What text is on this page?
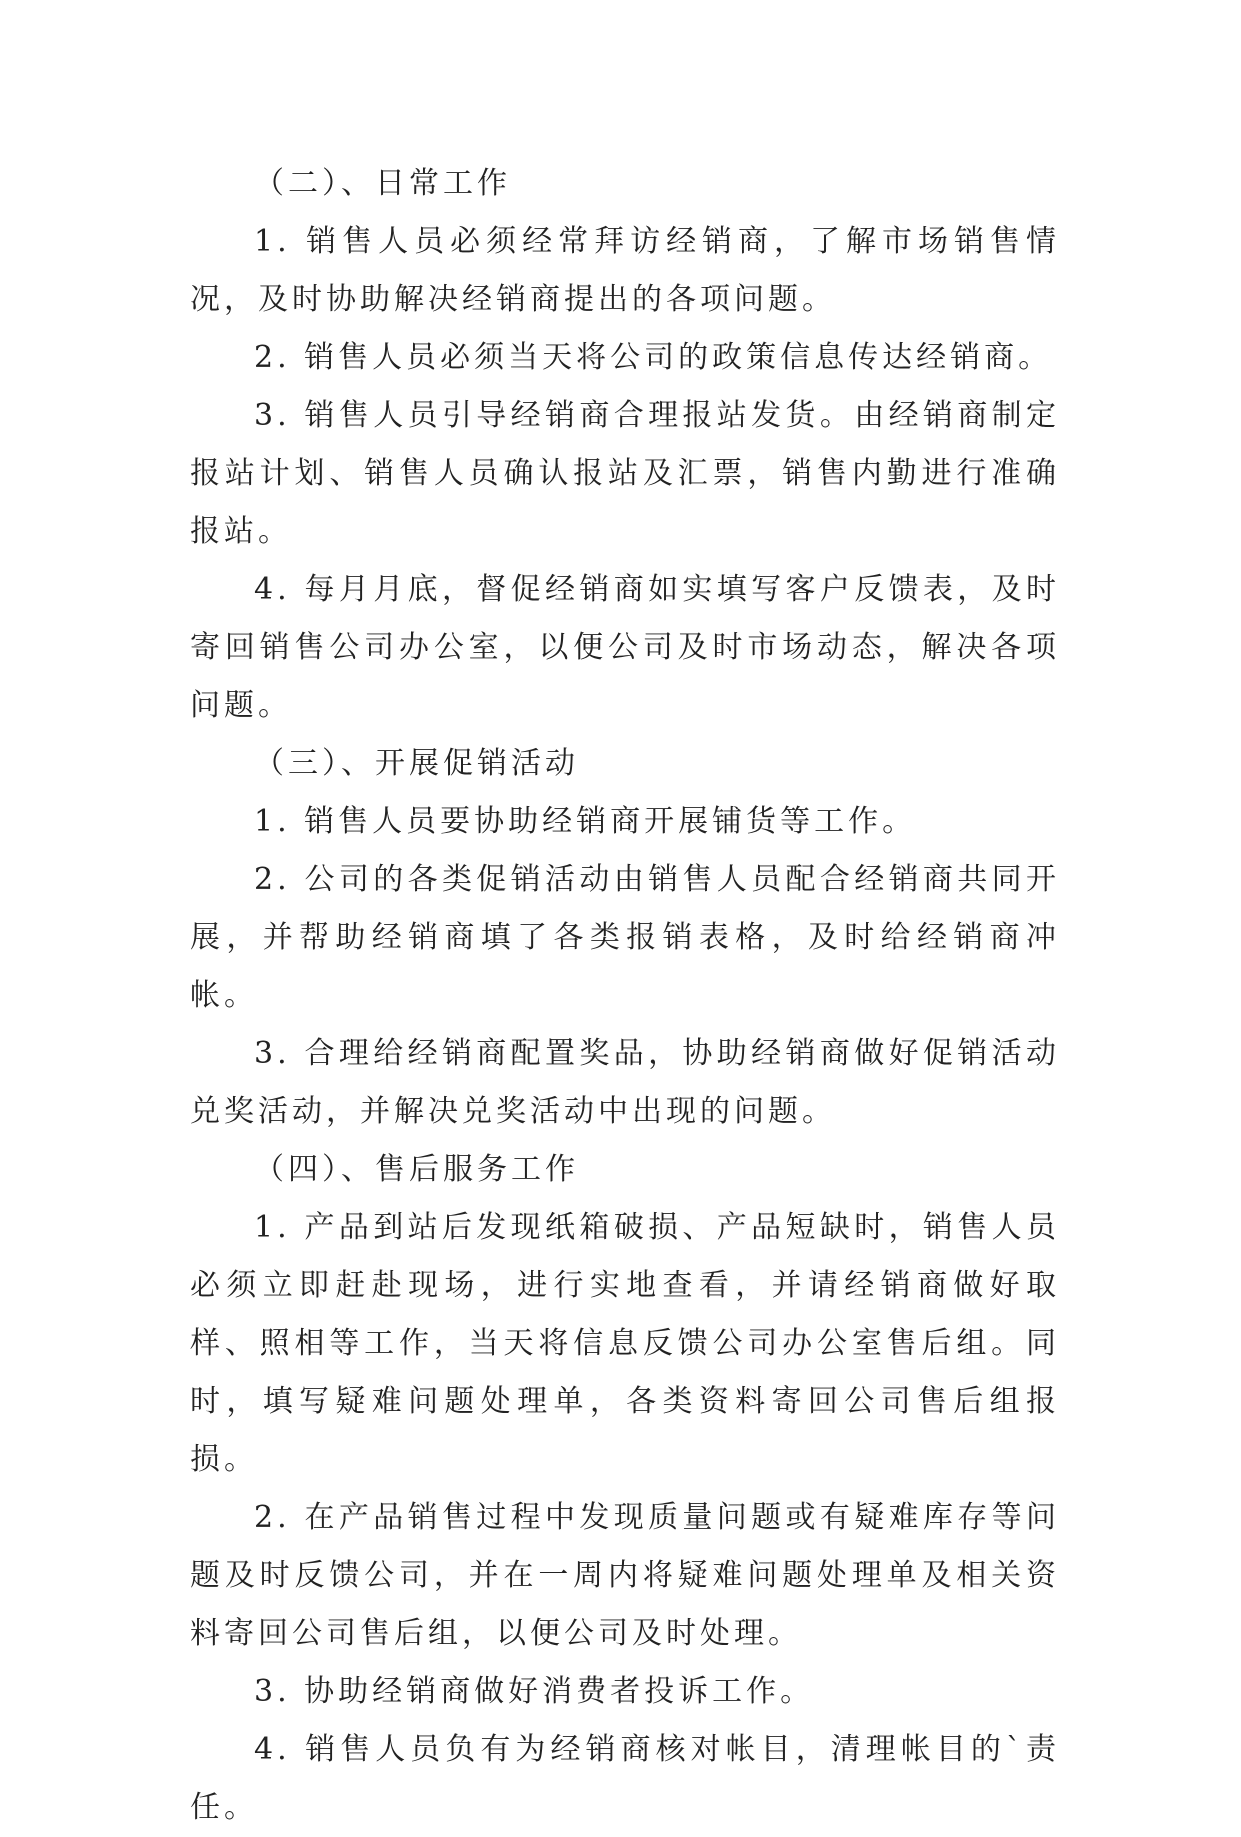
（二）、日常工作

1. 销售人员必须经常拜访经销商，了解市场销售情况，及时协助解决经销商提出的各项问题。

2. 销售人员必须当天将公司的政策信息传达经销商。

3. 销售人员引导经销商合理报站发货。由经销商制定报站计划、销售人员确认报站及汇票，销售内勤进行准确报站。

4. 每月月底，督促经销商如实填写客户反馈表，及时寄回销售公司办公室，以便公司及时市场动态，解决各项问题。

（三）、开展促销活动

1. 销售人员要协助经销商开展铺货等工作。

2. 公司的各类促销活动由销售人员配合经销商共同开展，并帮助经销商填了各类报销表格，及时给经销商冲帐。

3. 合理给经销商配置奖品，协助经销商做好促销活动兑奖活动，并解决兑奖活动中出现的问题。

（四）、售后服务工作

1. 产品到站后发现纸箱破损、产品短缺时，销售人员必须立即赶赴现场，进行实地查看，并请经销商做好取样、照相等工作，当天将信息反馈公司办公室售后组。同时，填写疑难问题处理单，各类资料寄回公司售后组报损。

2. 在产品销售过程中发现质量问题或有疑难库存等问题及时反馈公司，并在一周内将疑难问题处理单及相关资料寄回公司售后组，以便公司及时处理。

3. 协助经销商做好消费者投诉工作。

4. 销售人员负有为经销商核对帐目，清理帐目的`责任。
